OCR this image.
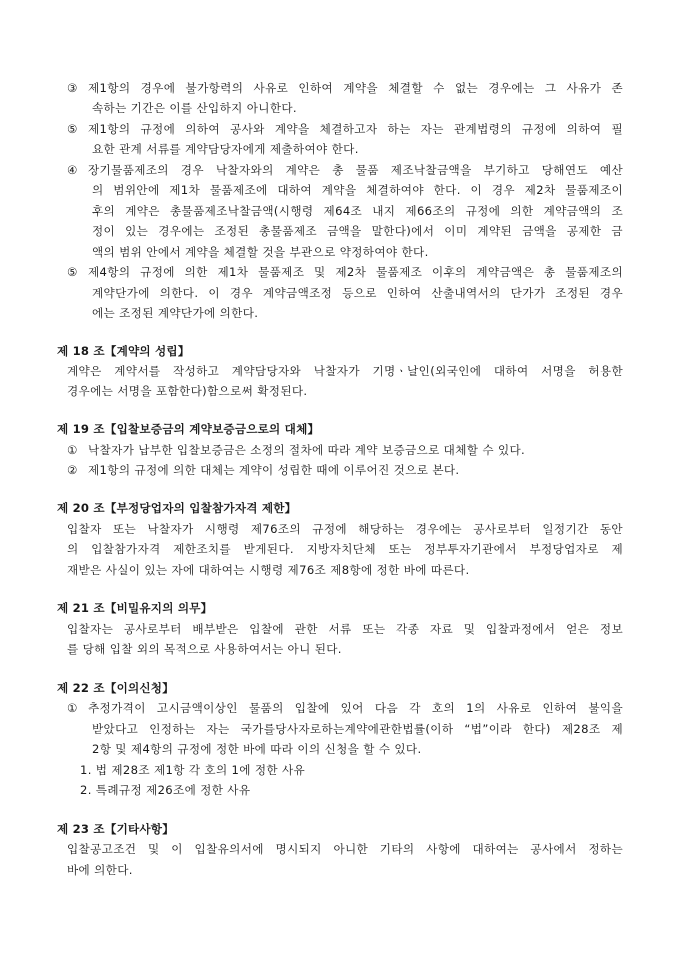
③ 제1항의 경우에 불가항력의 사유로 인하여 계약을 체결할 수 없는 경우에는 그 사유가 존
속하는 기간은 이를 산입하지 아니한다.
⑤ 제1항의 규정에 의하여 공사와 계약을 체결하고자 하는 자는 관계법령의 규정에 의하여 필
요한 관계 서류를 계약담당자에게 제출하여야 한다.
④ 장기물품제조의 경우 낙찰자와의 계약은 총 물품 제조낙찰금액을 부기하고 당해연도 예산
의 범위안에 제1차 물품제조에 대하여 계약을 체결하여야 한다. 이 경우 제2차 물품제조이
후의 계약은 총물품제조낙찰금액(시행령 제64조 내지 제66조의 규정에 의한 계약금액의 조
정이 있는 경우에는 조정된 총물품제조 금액을 말한다)에서 이미 계약된 금액을 공제한 금
액의 범위 안에서 계약을 체결할 것을 부관으로 약정하여야 한다.
⑤ 제4항의 규정에 의한 제1차 물품제조 및 제2차 물품제조 이후의 계약금액은 총 물품제조의
계약단가에 의한다. 이 경우 계약금액조정 등으로 인하여 산출내역서의 단가가 조정된 경우
에는 조정된 계약단가에 의한다.
제 18 조【계약의 성립】
계약은 계약서를 작성하고 계약담당자와 낙찰자가 기명ㆍ날인(외국인에 대하여 서명을 허용한
경우에는 서명을 포함한다)함으로써 확정된다.
제 19 조【입찰보증금의 계약보증금으로의 대체】
① 낙찰자가 납부한 입찰보증금은 소정의 절차에 따라 계약 보증금으로 대체할 수 있다.
② 제1항의 규정에 의한 대체는 계약이 성립한 때에 이루어진 것으로 본다.
제 20 조【부정당업자의 입찰참가자격 제한】
입찰자 또는 낙찰자가 시행령 제76조의 규정에 해당하는 경우에는 공사로부터 일정기간 동안
의 입찰참가자격 제한조치를 받게된다. 지방자치단체 또는 정부투자기관에서 부정당업자로 제
재받은 사실이 있는 자에 대하여는 시행령 제76조 제8항에 정한 바에 따른다.
제 21 조【비밀유지의 의무】
입찰자는 공사로부터 배부받은 입찰에 관한 서류 또는 각종 자료 및 입찰과정에서 얻은 정보
를 당해 입찰 외의 목적으로 사용하여서는 아니 된다.
제 22 조【이의신청】
① 추정가격이 고시금액이상인 물품의 입찰에 있어 다음 각 호의 1의 사유로 인하여 불익을
받았다고 인정하는 자는 국가를당사자로하는계약에관한법률(이하 “법”이라 한다) 제28조 제
2항 및 제4항의 규정에 정한 바에 따라 이의 신청을 할 수 있다.
1. 법 제28조 제1항 각 호의 1에 정한 사유
2. 특례규정 제26조에 정한 사유
제 23 조【기타사항】
입찰공고조건 및 이 입찰유의서에 명시되지 아니한 기타의 사항에 대하여는 공사에서 정하는
바에 의한다.
